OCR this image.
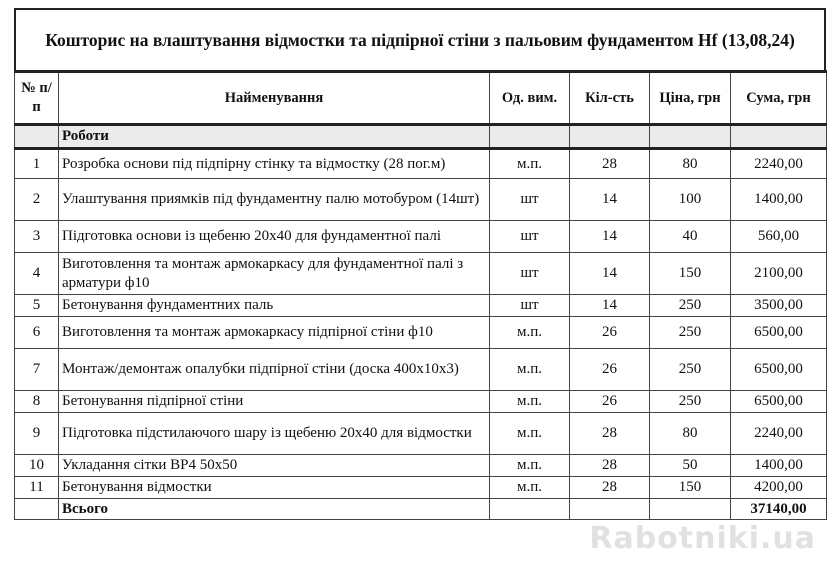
Кошторис на влаштування відмостки та підпірної стіни з пальовим фундаментом Hf (13,08,24)
№ п/п	Найменування	Од. вим.	Кіл-сть	Ціна, грн	Сума, грн
	Роботи				
1	Розробка основи під підпірну стінку та відмостку (28 пог.м)	м.п.	28	80	2240,00
2	Улаштування приямків під фундаментну палю мотобуром (14шт)	шт	14	100	1400,00
3	Підготовка основи із щебеню 20х40 для фундаментної палі	шт	14	40	560,00
4	Виготовлення та монтаж армокаркасу для фундаментної палі з арматури ф10	шт	14	150	2100,00
5	Бетонування фундаментних паль	шт	14	250	3500,00
6	Виготовлення та монтаж армокаркасу підпірної стіни ф10	м.п.	26	250	6500,00
7	Монтаж/демонтаж опалубки підпірної стіни (доска 400х10х3)	м.п.	26	250	6500,00
8	Бетонування підпірної стіни	м.п.	26	250	6500,00
9	Підготовка підстилаючого шару із щебеню 20х40 для відмостки	м.п.	28	80	2240,00
10	Укладання сітки ВР4 50х50	м.п.	28	50	1400,00
11	Бетонування відмостки	м.п.	28	150	4200,00
	Всього				37140,00
Rabotniki.ua
